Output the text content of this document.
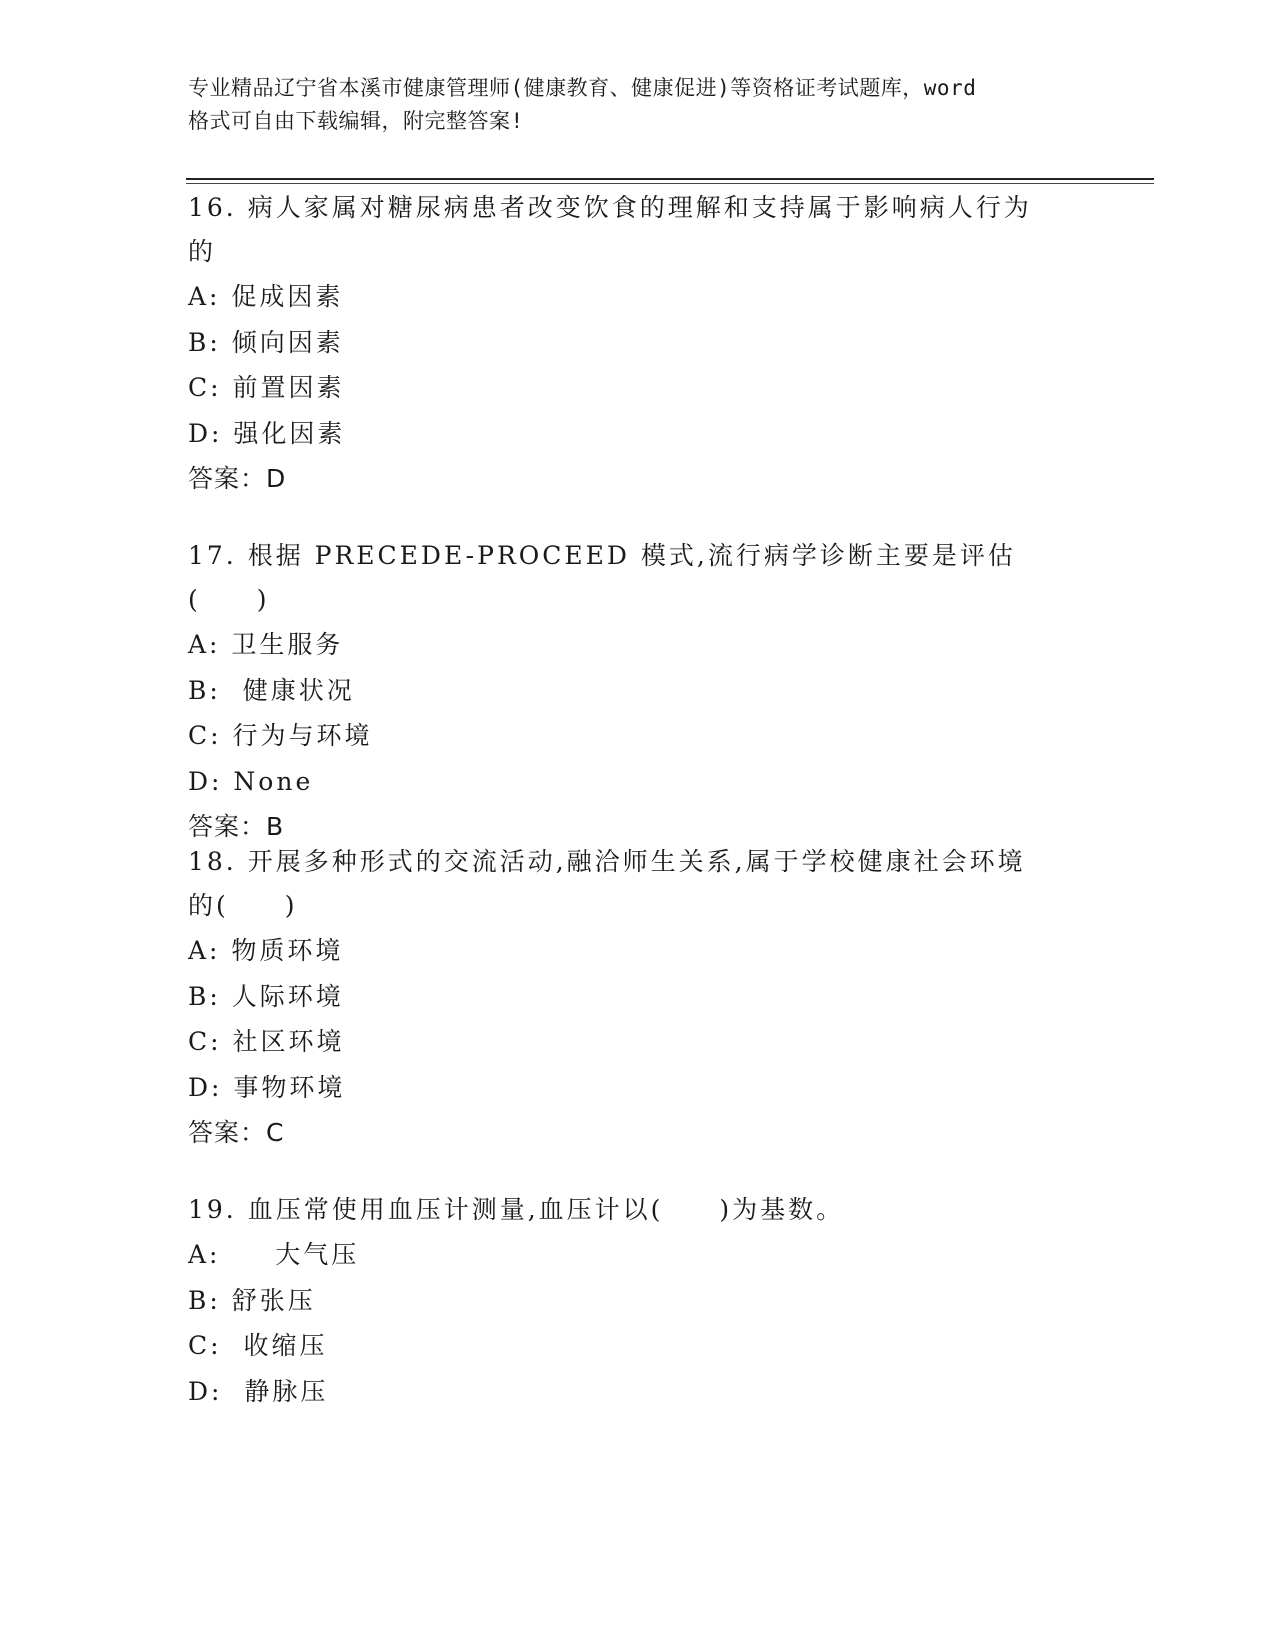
专业精品辽宁省本溪市健康管理师(健康教育、健康促进)等资格证考试题库，word
格式可自由下载编辑，附完整答案!

16. 病人家属对糖尿病患者改变饮食的理解和支持属于影响病人行为

的

A: 促成因素

B: 倾向因素

C: 前置因素

D: 强化因素

答案：D

17. 根据 PRECEDE-PROCEED 模式,流行病学诊断主要是评估(　　)

A: 卫生服务

B:  健康状况

C: 行为与环境

D: None

答案：B

18. 开展多种形式的交流活动,融洽师生关系,属于学校健康社会环境

的(　　)

A: 物质环境

B: 人际环境

C: 社区环境

D: 事物环境

答案：C

19. 血压常使用血压计测量,血压计以(　　)为基数。

A:     大气压

B: 舒张压

C:  收缩压

D:  静脉压
